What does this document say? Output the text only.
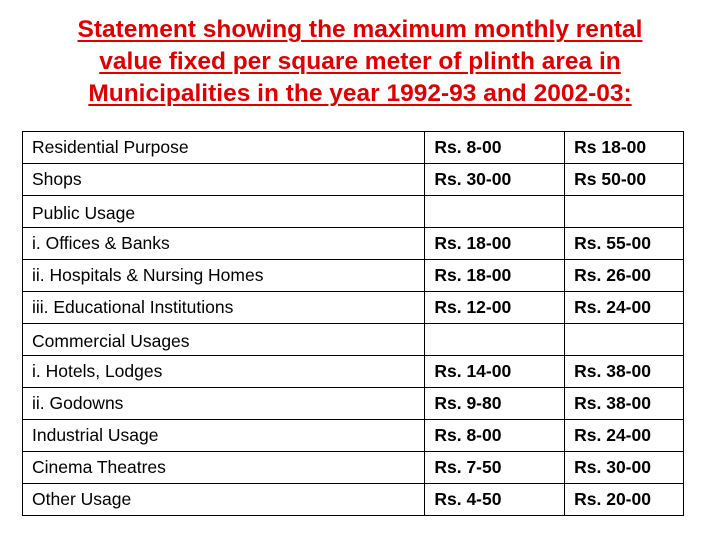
Statement showing the maximum monthly rental
value fixed per square meter of plinth area in
Municipalities in the year 1992-93 and 2002-03:
Residential Purpose	Rs. 8-00	Rs 18-00
Shops	Rs. 30-00	Rs 50-00
Public Usage		
i. Offices & Banks	Rs. 18-00	Rs. 55-00
ii. Hospitals & Nursing Homes	Rs. 18-00	Rs. 26-00
iii. Educational Institutions	Rs. 12-00	Rs. 24-00
Commercial Usages		
i. Hotels, Lodges	Rs. 14-00	Rs. 38-00
ii. Godowns	Rs. 9-80	Rs. 38-00
Industrial Usage	Rs. 8-00	Rs. 24-00
Cinema Theatres	Rs. 7-50	Rs. 30-00
Other Usage	Rs. 4-50	Rs. 20-00
